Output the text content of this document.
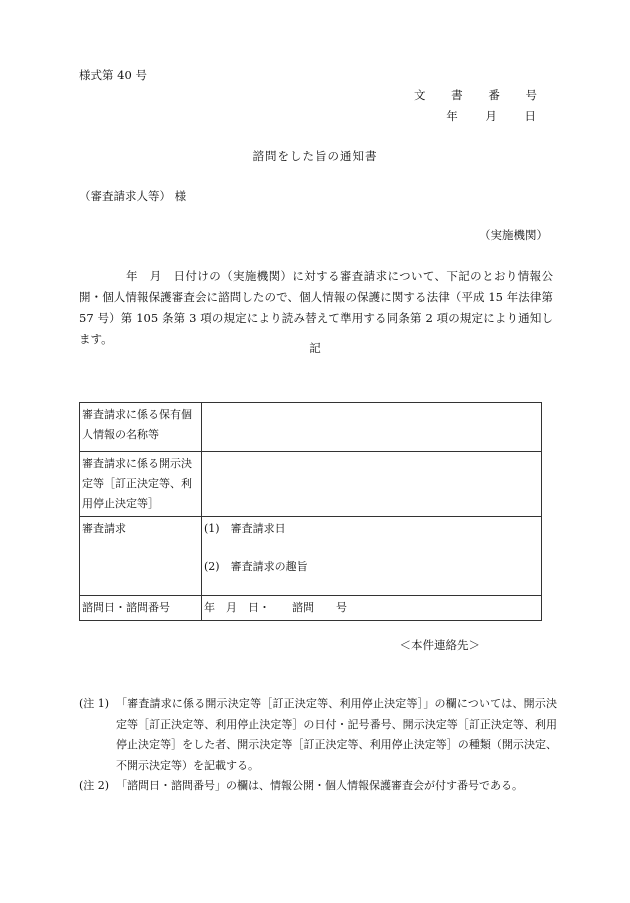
様式第 40 号
文 書 番 号
年 月 日
諮問をした旨の通知書
（審査請求人等） 様
（実施機関）
年　月　日付けの（実施機関）に対する審査請求について、下記のとおり情報公開・個人情報保護審査会に諮問したので、個人情報の保護に関する法律（平成 15 年法律第 57 号）第 105 条第 3 項の規定により読み替えて準用する同条第 2 項の規定により通知します。
記
審査請求に係る保有個人情報の名称等	
審査請求に係る開示決定等［訂正決定等、利用停止決定等］	
審査請求	(1)　審査請求日
(2)　審査請求の趣旨

諮問日・諮問番号	年　月　日・　　諮問　　号
＜本件連絡先＞
(注 1) 「審査請求に係る開示決定等［訂正決定等、利用停止決定等］」の欄については、開示決定等［訂正決定等、利用停止決定等］の日付・記号番号、開示決定等［訂正決定等、利用停止決定等］をした者、開示決定等［訂正決定等、利用停止決定等］の種類（開示決定、不開示決定等）を記載する。
(注 2) 「諮問日・諮問番号」の欄は、情報公開・個人情報保護審査会が付す番号である。
